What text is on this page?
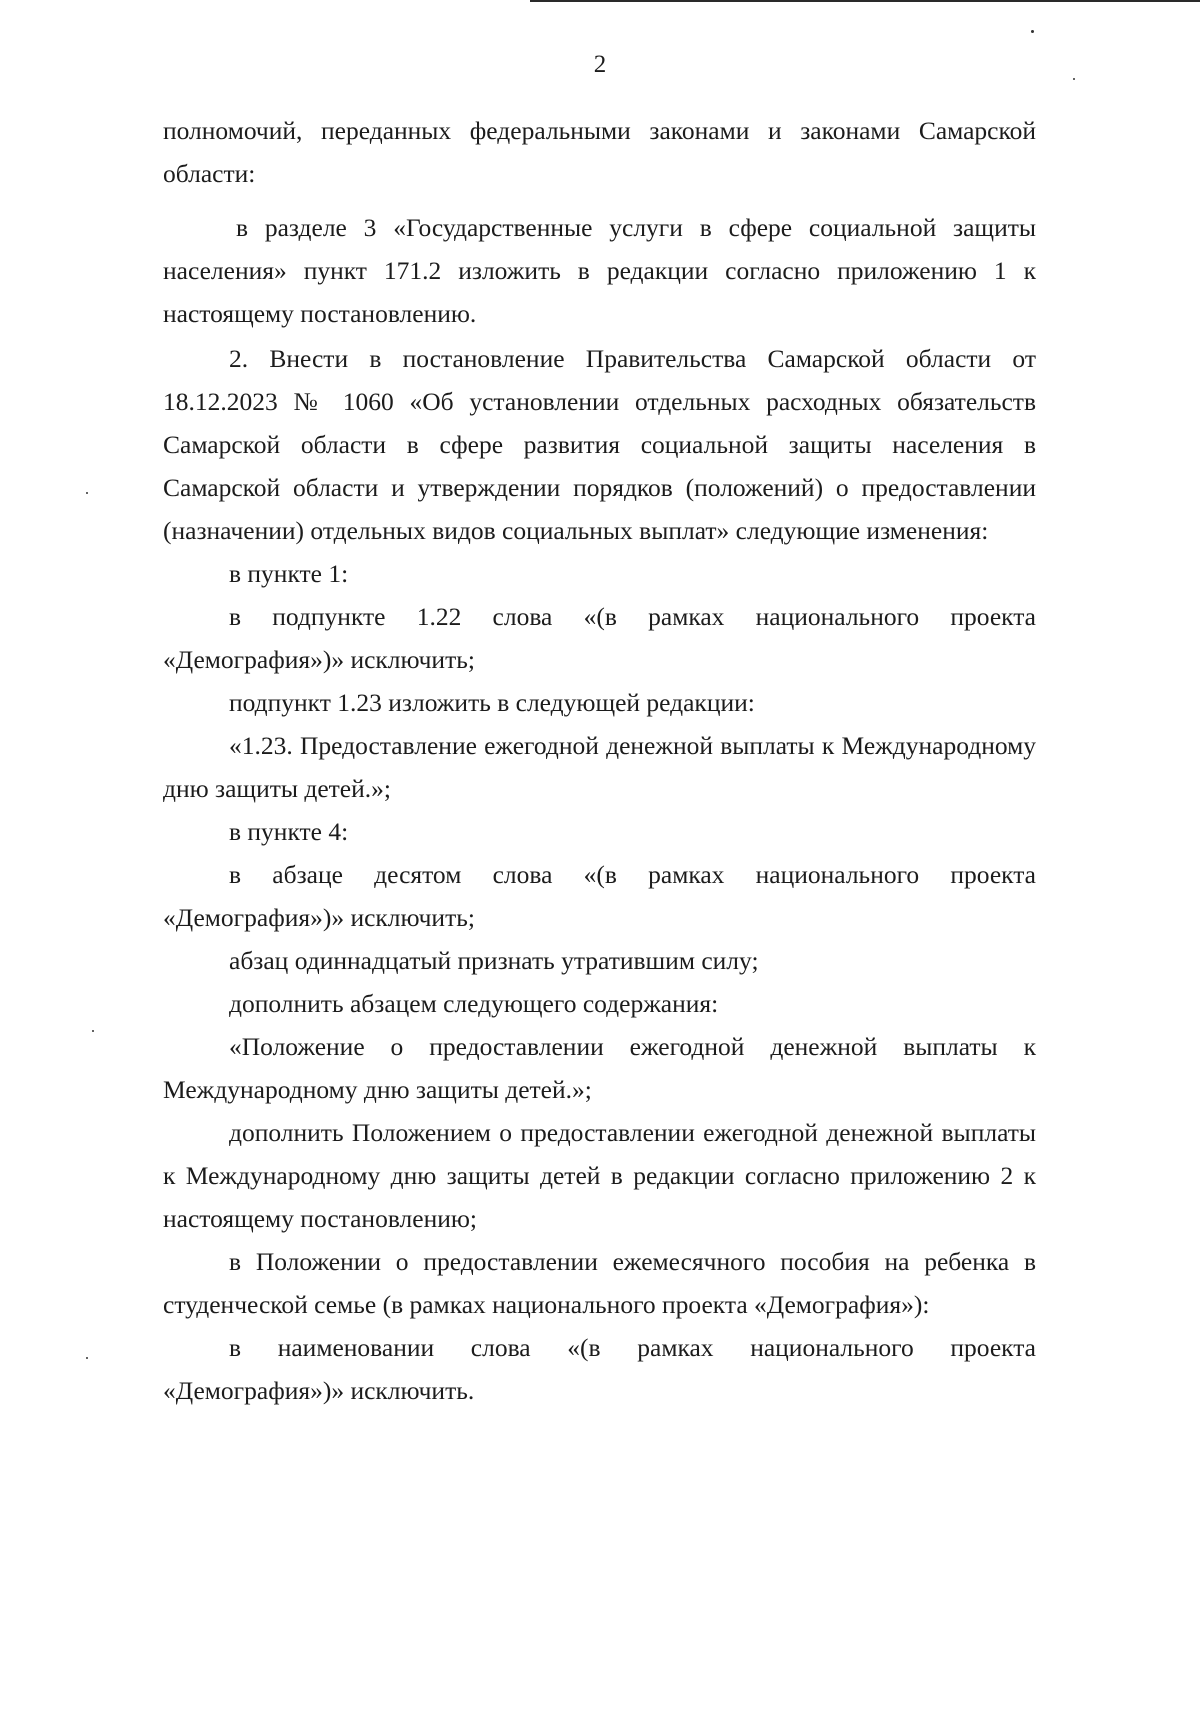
2

полномочий, переданных федеральными законами и законами Самарской области:

в разделе 3 «Государственные услуги в сфере социальной защиты населения» пункт 171.2 изложить в редакции согласно приложению 1 к настоящему постановлению.

2. Внести в постановление Правительства Самарской области от 18.12.2023 № 1060 «Об установлении отдельных расходных обязательств Самарской области в сфере развития социальной защиты населения в Самарской области и утверждении порядков (положений) о предоставлении (назначении) отдельных видов социальных выплат» следующие изменения:

в пункте 1:

в подпункте 1.22 слова «(в рамках национального проекта «Демография»)» исключить;

подпункт 1.23 изложить в следующей редакции:

«1.23. Предоставление ежегодной денежной выплаты к Международному дню защиты детей.»;

в пункте 4:

в абзаце десятом слова «(в рамках национального проекта «Демография»)» исключить;

абзац одиннадцатый признать утратившим силу;

дополнить абзацем следующего содержания:

«Положение о предоставлении ежегодной денежной выплаты к Международному дню защиты детей.»;

дополнить Положением о предоставлении ежегодной денежной выплаты к Международному дню защиты детей в редакции согласно приложению 2 к настоящему постановлению;

в Положении о предоставлении ежемесячного пособия на ребенка в студенческой семье (в рамках национального проекта «Демография»):

в наименовании слова «(в рамках национального проекта «Демография»)» исключить.
